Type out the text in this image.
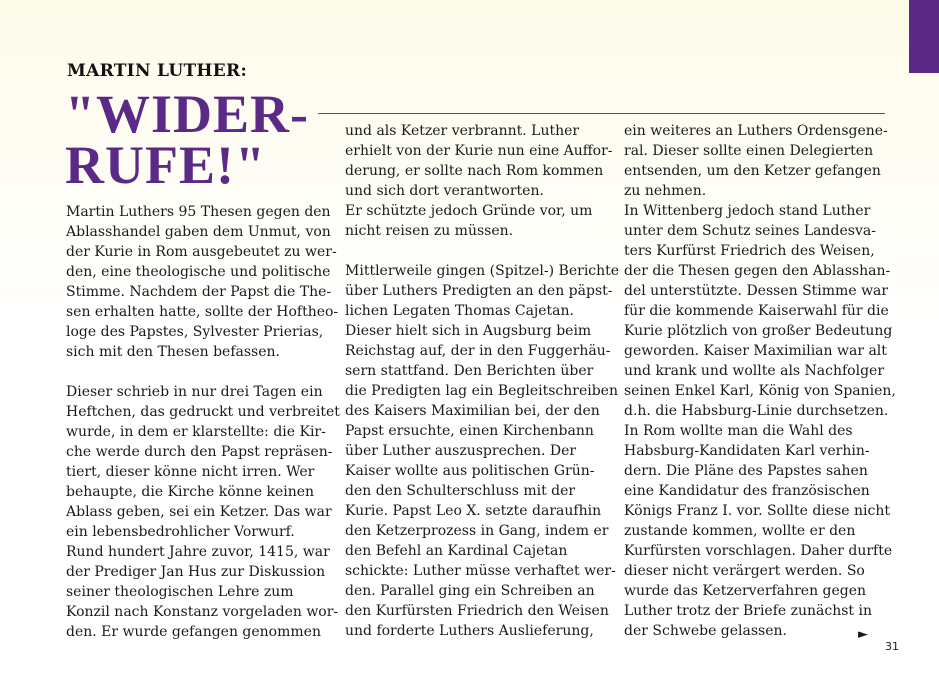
MARTIN LUTHER:
"WIDER-
RUFE!"

Martin Luthers 95 Thesen gegen den

Ablasshandel gaben dem Unmut, von

der Kurie in Rom ausgebeutet zu wer-

den, eine theologische und politische

Stimme. Nachdem der Papst die The-

sen erhalten hatte, sollte der Hoftheo-

loge des Papstes, Sylvester Prierias,

sich mit den Thesen befassen.

Dieser schrieb in nur drei Tagen ein

Heftchen, das gedruckt und verbreitet

wurde, in dem er klarstellte: die Kir-

che werde durch den Papst repräsen-

tiert, dieser könne nicht irren. Wer

behaupte, die Kirche könne keinen

Ablass geben, sei ein Ketzer. Das war

ein lebensbedrohlicher Vorwurf.

Rund hundert Jahre zuvor, 1415, war

der Prediger Jan Hus zur Diskussion

seiner theologischen Lehre zum

Konzil nach Konstanz vorgeladen wor-

den. Er wurde gefangen genommen

und als Ketzer verbrannt. Luther

erhielt von der Kurie nun eine Auffor-

derung, er sollte nach Rom kommen

und sich dort verantworten.

Er schützte jedoch Gründe vor, um

nicht reisen zu müssen.

Mittlerweile gingen (Spitzel-) Berichte

über Luthers Predigten an den päpst-

lichen Legaten Thomas Cajetan.

Dieser hielt sich in Augsburg beim

Reichstag auf, der in den Fuggerhäu-

sern stattfand. Den Berichten über

die Predigten lag ein Begleitschreiben

des Kaisers Maximilian bei, der den

Papst ersuchte, einen Kirchenbann

über Luther auszusprechen. Der

Kaiser wollte aus politischen Grün-

den den Schulterschluss mit der

Kurie. Papst Leo X. setzte daraufhin

den Ketzerprozess in Gang, indem er

den Befehl an Kardinal Cajetan

schickte: Luther müsse verhaftet wer-

den. Parallel ging ein Schreiben an

den Kurfürsten Friedrich den Weisen

und forderte Luthers Auslieferung,

ein weiteres an Luthers Ordensgene-

ral. Dieser sollte einen Delegierten

entsenden, um den Ketzer gefangen

zu nehmen.

In Wittenberg jedoch stand Luther

unter dem Schutz seines Landesva-

ters Kurfürst Friedrich des Weisen,

der die Thesen gegen den Ablasshan-

del unterstützte. Dessen Stimme war

für die kommende Kaiserwahl für die

Kurie plötzlich von großer Bedeutung

geworden. Kaiser Maximilian war alt

und krank und wollte als Nachfolger

seinen Enkel Karl, König von Spanien,

d.h. die Habsburg-Linie durchsetzen.

In Rom wollte man die Wahl des

Habsburg-Kandidaten Karl verhin-

dern. Die Pläne des Papstes sahen

eine Kandidatur des französischen

Königs Franz I. vor. Sollte diese nicht

zustande kommen, wollte er den

Kurfürsten vorschlagen. Daher durfte

dieser nicht verärgert werden. So

wurde das Ketzerverfahren gegen

Luther trotz der Briefe zunächst in

der Schwebe gelassen.	►
31
